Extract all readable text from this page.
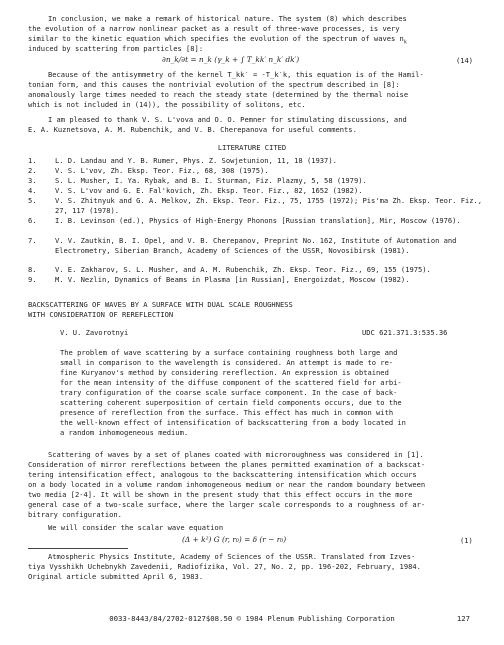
In conclusion, we make a remark of historical nature. The system (8) which describes
the evolution of a narrow nonlinear packet as a result of three-wave processes, is very
similar to the kinetic equation which specifies the evolution of the spectrum of waves $n_k$
induced by scattering from particles [8]:
∂n_k/∂t = n_k (γ_k + ∫ T_kk′ n_k′ dk′)	(14)
Because of the antisymmetry of the kernel T_kk′ = -T_k′k, this equation is of the Hamil-
tonian form, and this causes the nontrivial evolution of the spectrum described in [8]:
anomalously large times needed to reach the steady state (determined by the thermal noise
which is not included in (14)), the possibility of solitons, etc.
I am pleased to thank V. S. L'vova and O. O. Pemner for stimulating discussions, and
E. A. Kuznetsova, A. M. Rubenchik, and V. B. Cherepanova for useful comments.
LITERATURE CITED
1.	L. D. Landau and Y. B. Rumer, Phys. Z. Sowjetunion, 11, 18 (1937).
2.	V. S. L'vov, Zh. Eksp. Teor. Fiz., 68, 308 (1975).
3.	S. L. Musher, I. Ya. Rybak, and B. I. Sturman, Fiz. Plazmy, 5, 58 (1979).
4.	V. S. L'vov and G. E. Fal'kovich, Zh. Eksp. Teor. Fiz., 82, 1652 (1982).
5.	V. S. Zhitnyuk and G. A. Melkov, Zh. Eksp. Teor. Fiz., 75, 1755 (1972); Pis'ma Zh. Eksp. Teor. Fiz., 27, 117 (1978).
6.	I. B. Levinson (ed.), Physics of High-Energy Phonons [Russian translation], Mir, Moscow (1976).
7.	V. V. Zautkin, B. I. Opel, and V. B. Cherepanov, Preprint No. 162, Institute of Automation and Electrometry, Siberian Branch, Academy of Sciences of the USSR, Novosibirsk (1981).
8.	V. E. Zakharov, S. L. Musher, and A. M. Rubenchik, Zh. Eksp. Teor. Fiz., 69, 155 (1975).
9.	M. V. Nezlin, Dynamics of Beams in Plasma [in Russian], Energoizdat, Moscow (1982).
BACKSCATTERING OF WAVES BY A SURFACE WITH DUAL SCALE ROUGHNESS
WITH CONSIDERATION OF REREFLECTION
V. U. Zavorotnyi	UDC 621.371.3:535.36
The problem of wave scattering by a surface containing roughness both large and
small in comparison to the wavelength is considered. An attempt is made to re-
fine Kuryanov's method by considering rereflection. An expression is obtained
for the mean intensity of the diffuse component of the scattered field for arbi-
trary configuration of the coarse scale surface component. In the case of back-
scattering coherent superposition of certain field components occurs, due to the
presence of rereflection from the surface. This effect has much in common with
the well-known effect of intensification of backscattering from a body located in
a random inhomogeneous medium.
Scattering of waves by a set of planes coated with microroughness was considered in [1].
Consideration of mirror rereflections between the planes permitted examination of a backscat-
tering intensification effect, analogous to the backscattering intensification which occurs
on a body located in a volume random inhomogeneous medium or near the random boundary between
two media [2-4]. It will be shown in the present study that this effect occurs in the more
general case of a two-scale surface, where the larger scale corresponds to a roughness of ar-
bitrary configuration.
We will consider the scalar wave equation
(Δ + k²) G (r, r₀) = δ (r − r₀)	(1)
Atmospheric Physics Institute, Academy of Sciences of the USSR. Translated from Izves-
tiya Vysshikh Uchebnykh Zavedenii, Radiofizika, Vol. 27, No. 2, pp. 196-202, February, 1984.
Original article submitted April 6, 1983.
0033-8443/84/2702-0127$08.50 © 1984 Plenum Publishing Corporation	127
